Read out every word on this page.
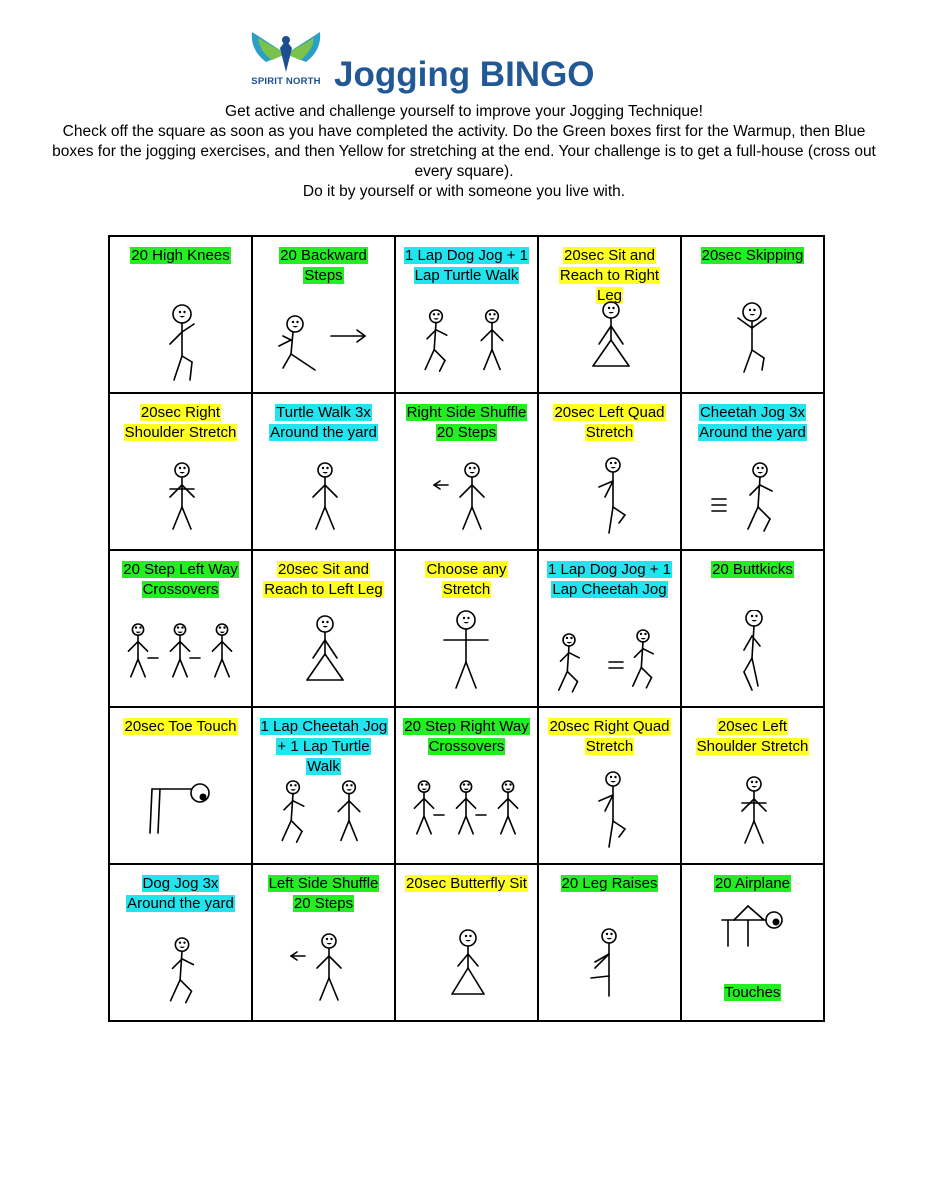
SPIRIT NORTH Jogging BINGO

Get active and challenge yourself to improve your Jogging Technique!

Check off the square as soon as you have completed the activity. Do the Green boxes first for the Warmup, then Blue boxes for the jogging exercises, and then Yellow for stretching at the end. Your challenge is to get a full-house (cross out every square).

Do it by yourself or with someone you live with.

20 High Knees	20 Backward Steps	1 Lap Dog Jog + 1 Lap Turtle Walk	20sec Sit and Reach to Right Leg	20sec Skipping

20sec Right Shoulder Stretch	Turtle Walk 3x Around the yard	Right Side Shuffle 20 Steps	20sec Left Quad Stretch	Cheetah Jog 3x Around the yard

20 Step Left Way Crossovers	20sec Sit and Reach to Left Leg	Choose any Stretch	1 Lap Dog Jog + 1 Lap Cheetah Jog	20 Buttkicks

20sec Toe Touch	1 Lap Cheetah Jog + 1 Lap Turtle Walk	20 Step Right Way Crossovers	20sec Right Quad Stretch	20sec Left Shoulder Stretch

Dog Jog 3x Around the yard	Left Side Shuffle 20 Steps	20sec Butterfly Sit	20 Leg Raises	20 Airplane
Touches
